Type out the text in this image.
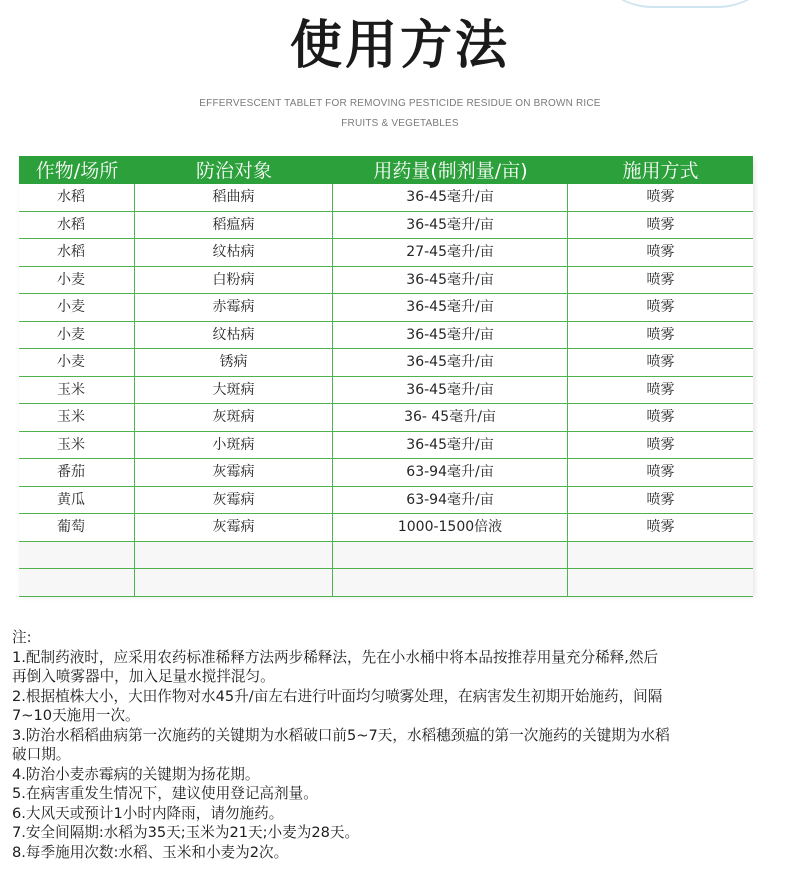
使用方法
EFFERVESCENT TABLET FOR REMOVING PESTICIDE RESIDUE ON BROWN RICE
FRUITS & VEGETABLES
作物/场所	防治对象	用药量(制剂量/亩)	施用方式
水稻	稻曲病	36-45毫升/亩	喷雾
水稻	稻瘟病	36-45毫升/亩	喷雾
水稻	纹枯病	27-45毫升/亩	喷雾
小麦	白粉病	36-45毫升/亩	喷雾
小麦	赤霉病	36-45毫升/亩	喷雾
小麦	纹枯病	36-45毫升/亩	喷雾
小麦	锈病	36-45毫升/亩	喷雾
玉米	大斑病	36-45毫升/亩	喷雾
玉米	灰斑病	36- 45毫升/亩	喷雾
玉米	小斑病	36-45毫升/亩	喷雾
番茄	灰霉病	63-94毫升/亩	喷雾
黄瓜	灰霉病	63-94毫升/亩	喷雾
葡萄	灰霉病	1000-1500倍液	喷雾
注:
1.配制药液时，应采用农药标准稀释方法两步稀释法，先在小水桶中将本品按推荐用量充分稀释,然后
再倒入喷雾器中，加入足量水搅拌混匀。
2.根据植株大小，大田作物对水45升/亩左右进行叶面均匀喷雾处理，在病害发生初期开始施药，间隔
7~10天施用一次。
3.防治水稻稻曲病第一次施药的关键期为水稻破口前5~7天，水稻穗颈瘟的第一次施药的关键期为水稻
破口期。
4.防治小麦赤霉病的关键期为扬花期。
5.在病害重发生情况下，建议使用登记高剂量。
6.大风天或预计1小时内降雨，请勿施药。
7.安全间隔期:水稻为35天;玉米为21天;小麦为28天。
8.每季施用次数:水稻、玉米和小麦为2次。
